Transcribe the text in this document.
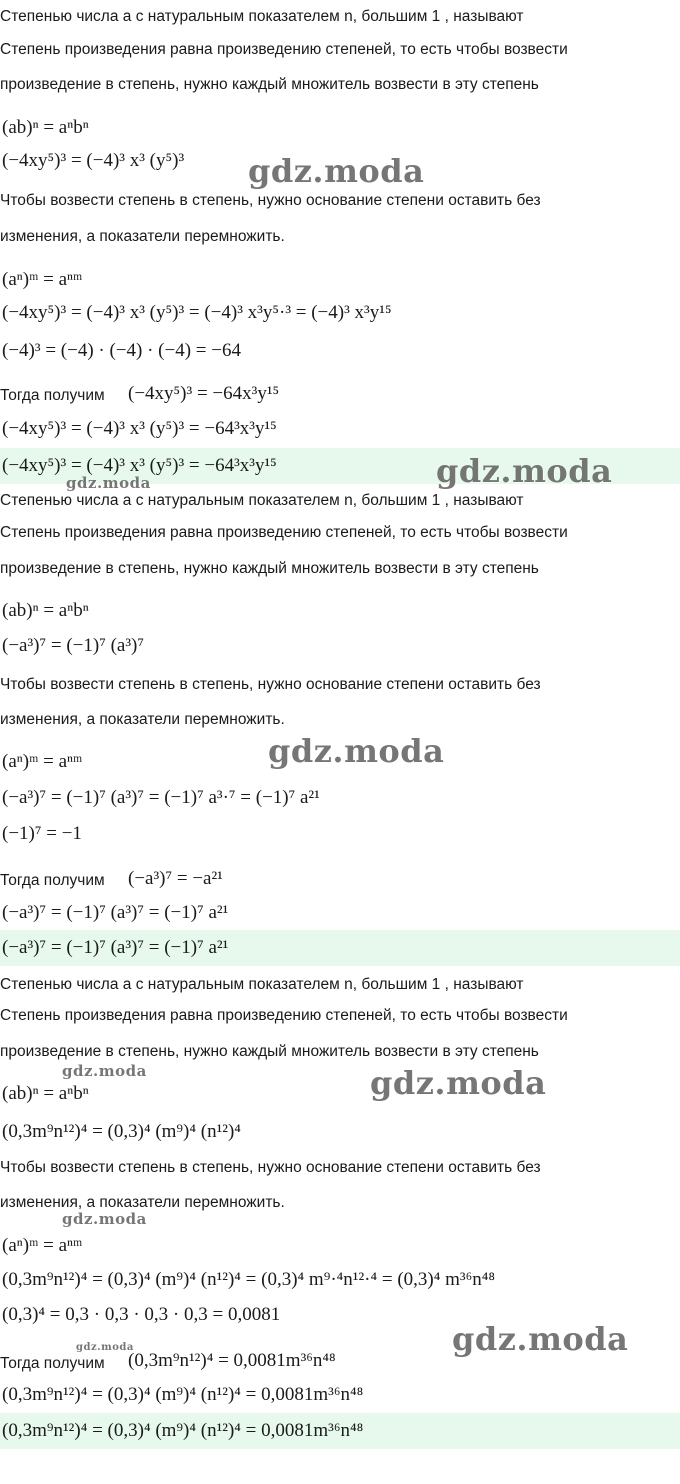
Степенью числа a с натуральным показателем n, большим 1 , называют
Степень произведения равна произведению степеней, то есть чтобы возвести
произведение в степень, нужно каждый множитель возвести в эту степень
(ab)ⁿ = aⁿbⁿ
(−4xy⁵)³ = (−4)³ x³ (y⁵)³
Чтобы возвести степень в степень, нужно основание степени оставить без
изменения, а показатели перемножить.
(aⁿ)ᵐ = aⁿᵐ
(−4xy⁵)³ = (−4)³ x³ (y⁵)³ = (−4)³ x³y⁵·³ = (−4)³ x³y¹⁵
(−4)³ = (−4) · (−4) · (−4) = −64
Тогда получим (−4xy⁵)³ = −64x³y¹⁵
(−4xy⁵)³ = (−4)³ x³ (y⁵)³ = −64³x³y¹⁵
(−4xy⁵)³ = (−4)³ x³ (y⁵)³ = −64³x³y¹⁵
Степенью числа a с натуральным показателем n, большим 1 , называют
Степень произведения равна произведению степеней, то есть чтобы возвести
произведение в степень, нужно каждый множитель возвести в эту степень
(ab)ⁿ = aⁿbⁿ
(−a³)⁷ = (−1)⁷ (a³)⁷
Чтобы возвести степень в степень, нужно основание степени оставить без
изменения, а показатели перемножить.
(aⁿ)ᵐ = aⁿᵐ
(−a³)⁷ = (−1)⁷ (a³)⁷ = (−1)⁷ a³·⁷ = (−1)⁷ a²¹
(−1)⁷ = −1
Тогда получим (−a³)⁷ = −a²¹
(−a³)⁷ = (−1)⁷ (a³)⁷ = (−1)⁷ a²¹
(−a³)⁷ = (−1)⁷ (a³)⁷ = (−1)⁷ a²¹
Степенью числа a с натуральным показателем n, большим 1 , называют
Степень произведения равна произведению степеней, то есть чтобы возвести
произведение в степень, нужно каждый множитель возвести в эту степень
(ab)ⁿ = aⁿbⁿ
(0,3m⁹n¹²)⁴ = (0,3)⁴ (m⁹)⁴ (n¹²)⁴
Чтобы возвести степень в степень, нужно основание степени оставить без
изменения, а показатели перемножить.
(aⁿ)ᵐ = aⁿᵐ
(0,3m⁹n¹²)⁴ = (0,3)⁴ (m⁹)⁴ (n¹²)⁴ = (0,3)⁴ m⁹·⁴n¹²·⁴ = (0,3)⁴ m³⁶n⁴⁸
(0,3)⁴ = 0,3 · 0,3 · 0,3 · 0,3 = 0,0081
Тогда получим (0,3m⁹n¹²)⁴ = 0,0081m³⁶n⁴⁸
(0,3m⁹n¹²)⁴ = (0,3)⁴ (m⁹)⁴ (n¹²)⁴ = 0,0081m³⁶n⁴⁸
(0,3m⁹n¹²)⁴ = (0,3)⁴ (m⁹)⁴ (n¹²)⁴ = 0,0081m³⁶n⁴⁸
gdz.moda
gdz.moda
gdz.moda
gdz.moda
gdz.moda	gdz.moda
gdz.moda
gdz.moda
gdz.moda
